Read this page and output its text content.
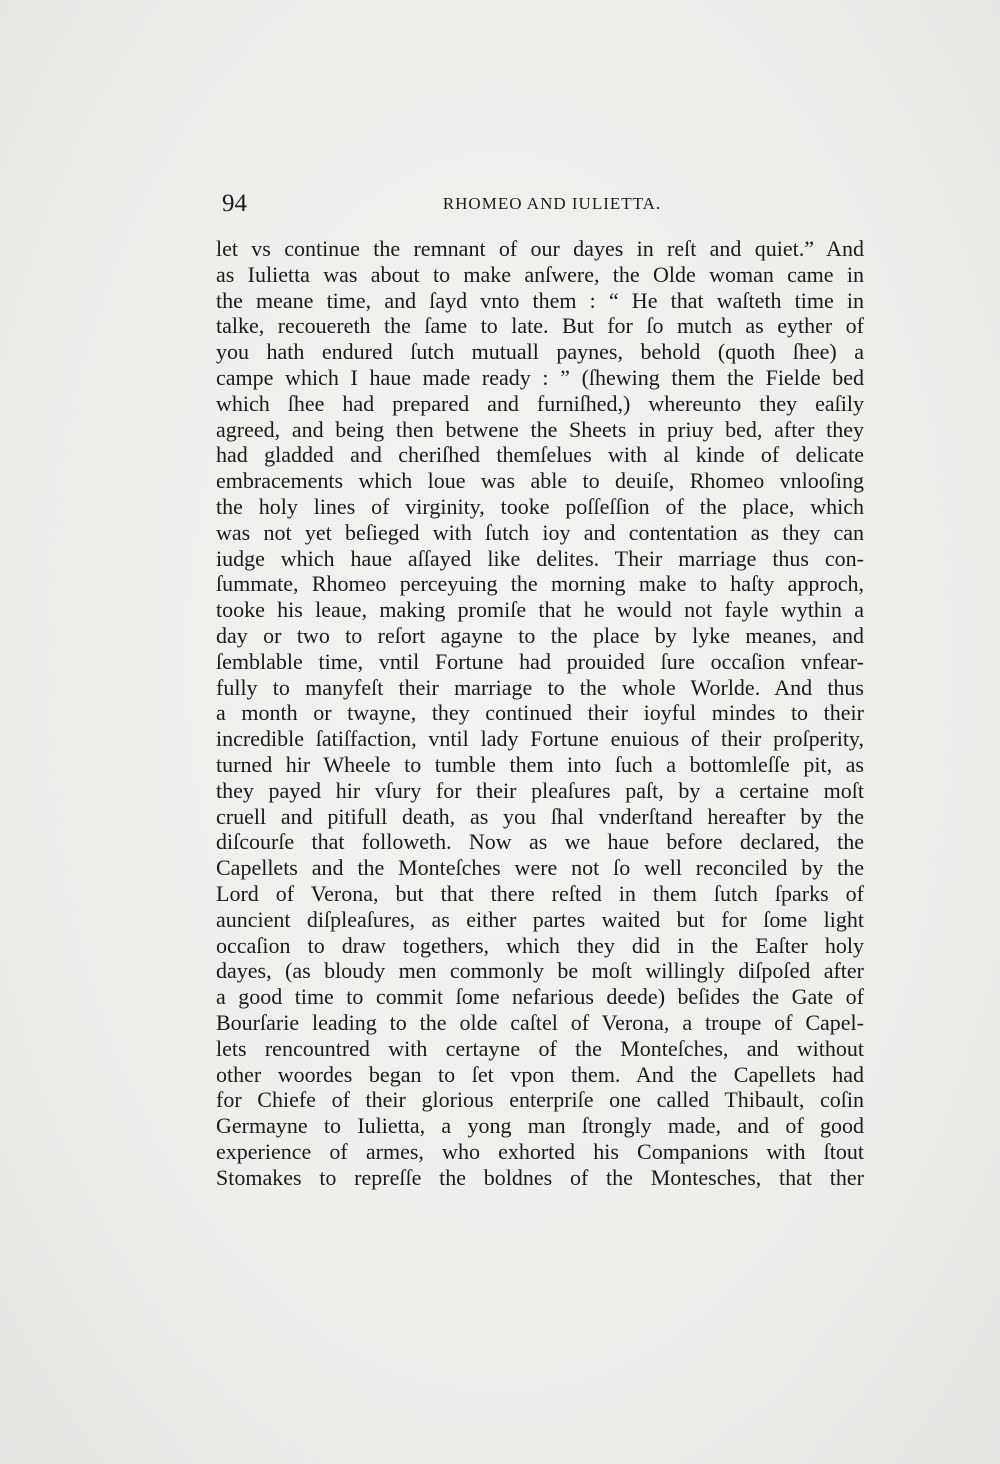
94	RHOMEO AND IULIETTA.
let vs continue the remnant of our dayes in reſt and quiet.” And
as Iulietta was about to make anſwere, the Olde woman came in
the meane time, and ſayd vnto them : “ He that waſteth time in
talke, recouereth the ſame to late. But for ſo mutch as eyther of
you hath endured ſutch mutuall paynes, behold (quoth ſhee) a
campe which I haue made ready : ” (ſhewing them the Fielde bed
which ſhee had prepared and furniſhed,) whereunto they eaſily
agreed, and being then betwene the Sheets in priuy bed, after they
had gladded and cheriſhed themſelues with al kinde of delicate
embracements which loue was able to deuiſe, Rhomeo vnlooſing
the holy lines of virginity, tooke poſſeſſion of the place, which
was not yet beſieged with ſutch ioy and contentation as they can
iudge which haue aſſayed like delites. Their marriage thus con-
ſummate, Rhomeo perceyuing the morning make to haſty approch,
tooke his leaue, making promiſe that he would not fayle wythin a
day or two to reſort agayne to the place by lyke meanes, and
ſemblable time, vntil Fortune had prouided ſure occaſion vnfear-
fully to manyfeſt their marriage to the whole Worlde. And thus
a month or twayne, they continued their ioyful mindes to their
incredible ſatiſfaction, vntil lady Fortune enuious of their proſperity,
turned hir Wheele to tumble them into ſuch a bottomleſſe pit, as
they payed hir vſury for their pleaſures paſt, by a certaine moſt
cruell and pitifull death, as you ſhal vnderſtand hereafter by the
diſcourſe that followeth. Now as we haue before declared, the
Capellets and the Monteſches were not ſo well reconciled by the
Lord of Verona, but that there reſted in them ſutch ſparks of
auncient diſpleaſures, as either partes waited but for ſome light
occaſion to draw togethers, which they did in the Eaſter holy
dayes, (as bloudy men commonly be moſt willingly diſpoſed after
a good time to commit ſome nefarious deede) beſides the Gate of
Bourſarie leading to the olde caſtel of Verona, a troupe of Capel-
lets rencountred with certayne of the Monteſches, and without
other woordes began to ſet vpon them. And the Capellets had
for Chiefe of their glorious enterpriſe one called Thibault, coſin
Germayne to Iulietta, a yong man ſtrongly made, and of good
experience of armes, who exhorted his Companions with ſtout
Stomakes to repreſſe the boldnes of the Montesches, that ther
